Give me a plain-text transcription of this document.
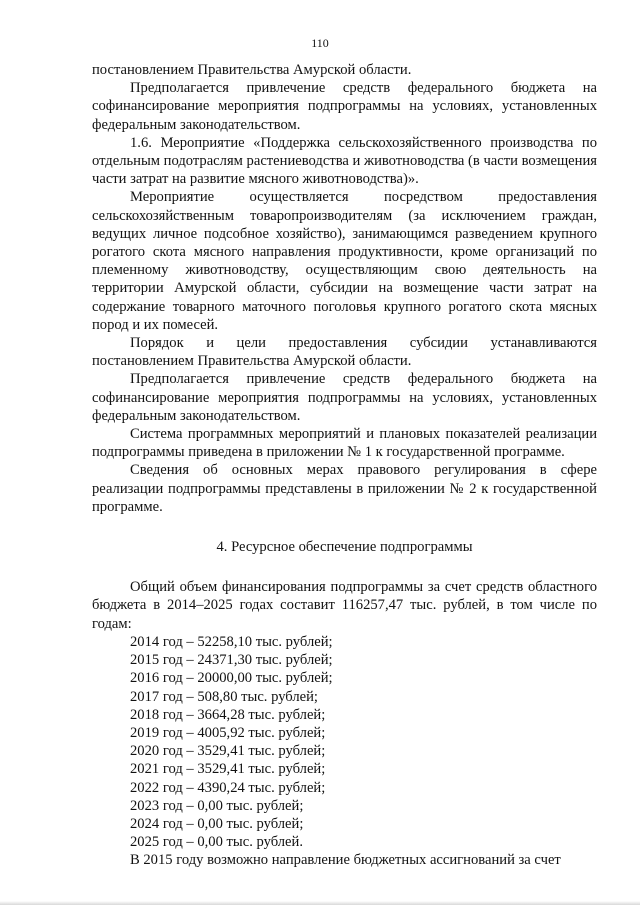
110

постановлением Правительства Амурской области.

Предполагается привлечение средств федерального бюджета на софинансирование мероприятия подпрограммы на условиях, установленных федеральным законодательством.

1.6. Мероприятие «Поддержка сельскохозяйственного производства по отдельным подотраслям растениеводства и животноводства (в части возмещения части затрат на развитие мясного животноводства)».

Мероприятие осуществляется посредством предоставления сельскохозяйственным товаропроизводителям (за исключением граждан, ведущих личное подсобное хозяйство), занимающимся разведением крупного рогатого скота мясного направления продуктивности, кроме организаций по племенному животноводству, осуществляющим свою деятельность на территории Амурской области, субсидии на возмещение части затрат на содержание товарного маточного поголовья крупного рогатого скота мясных пород и их помесей.

Порядок и цели предоставления субсидии устанавливаются постановлением Правительства Амурской области.

Предполагается привлечение средств федерального бюджета на софинансирование мероприятия подпрограммы на условиях, установленных федеральным законодательством.

Система программных мероприятий и плановых показателей реализации подпрограммы приведена в приложении № 1 к государственной программе.

Сведения об основных мерах правового регулирования в сфере реализации подпрограммы представлены в приложении № 2 к государственной программе.

4. Ресурсное обеспечение подпрограммы

Общий объем финансирования подпрограммы за счет средств областного бюджета в 2014–2025 годах составит 116257,47 тыс. рублей, в том числе по годам:

2014 год – 52258,10 тыс. рублей;
2015 год – 24371,30 тыс. рублей;
2016 год – 20000,00 тыс. рублей;
2017 год – 508,80 тыс. рублей;
2018 год – 3664,28 тыс. рублей;
2019 год – 4005,92 тыс. рублей;
2020 год – 3529,41 тыс. рублей;
2021 год – 3529,41 тыс. рублей;
2022 год – 4390,24 тыс. рублей;
2023 год – 0,00 тыс. рублей;
2024 год – 0,00 тыс. рублей;
2025 год – 0,00 тыс. рублей.

В 2015 году возможно направление бюджетных ассигнований за счет
